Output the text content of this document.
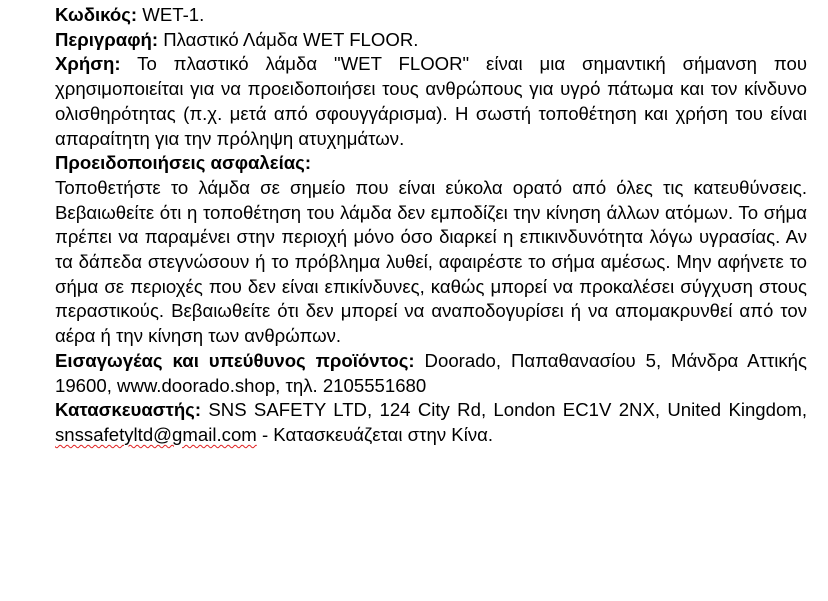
Κωδικός: WET-1.

Περιγραφή: Πλαστικό Λάμδα WET FLOOR.

Χρήση: Το πλαστικό λάμδα "WET FLOOR" είναι μια σημαντική σήμανση που χρησιμοποιείται για να προειδοποιήσει τους ανθρώπους για υγρό πάτωμα και τον κίνδυνο ολισθηρότητας (π.χ. μετά από σφουγγάρισμα). Η σωστή τοποθέτηση και χρήση του είναι απαραίτητη για την πρόληψη ατυχημάτων.

Προειδοποιήσεις ασφαλείας:
Τοποθετήστε το λάμδα σε σημείο που είναι εύκολα ορατό από όλες τις κατευθύνσεις. Βεβαιωθείτε ότι η τοποθέτηση του λάμδα δεν εμποδίζει την κίνηση άλλων ατόμων. Το σήμα πρέπει να παραμένει στην περιοχή μόνο όσο διαρκεί η επικινδυνότητα λόγω υγρασίας. Αν τα δάπεδα στεγνώσουν ή το πρόβλημα λυθεί, αφαιρέστε το σήμα αμέσως. Μην αφήνετε το σήμα σε περιοχές που δεν είναι επικίνδυνες, καθώς μπορεί να προκαλέσει σύγχυση στους περαστικούς. Βεβαιωθείτε ότι δεν μπορεί να αναποδογυρίσει ή να απομακρυνθεί από τον αέρα ή την κίνηση των ανθρώπων.

Εισαγωγέας και υπεύθυνος προϊόντος: Doorado, Παπαθανασίου 5, Μάνδρα Αττικής 19600, www.doorado.shop, τηλ. 2105551680

Κατασκευαστής: SNS SAFETY LTD, 124 City Rd, London EC1V 2NX, United Kingdom, snssafetyltd@gmail.com - Κατασκευάζεται στην Κίνα.
